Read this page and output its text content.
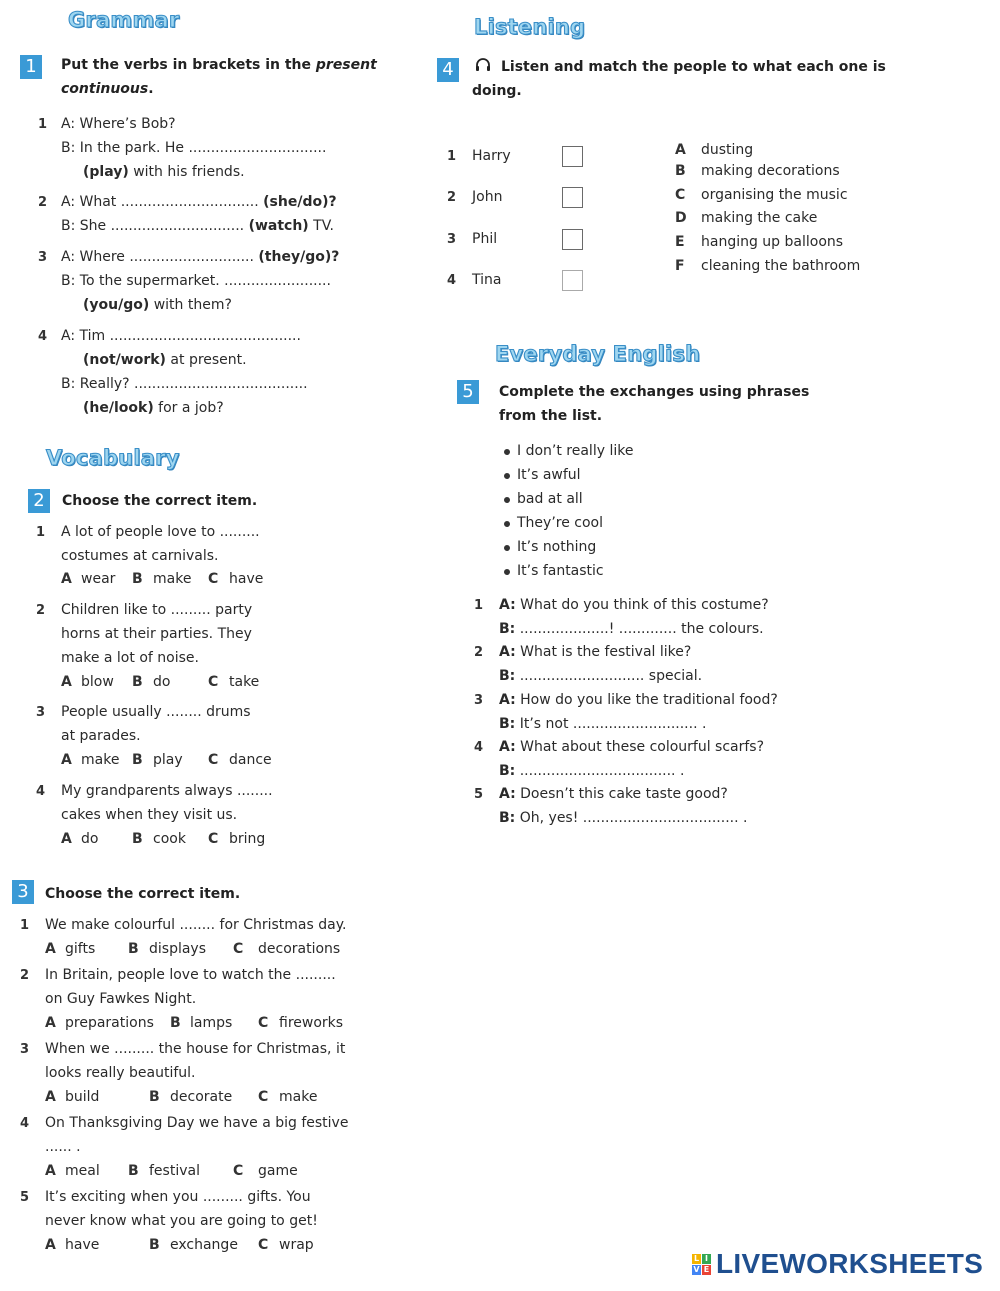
Grammar
1	Put the verbs in brackets in the present
continuous.
1 A: Where’s Bob?
B: In the park. He ...............................
(play) with his friends.
2 A: What ............................... (she/do)?
B: She .............................. (watch) TV.
3 A: Where ............................ (they/go)?
B: To the supermarket. ........................
(you/go) with them?
4 A: Tim ...........................................
(not/work) at present.
B: Really? .......................................
(he/look) for a job?
Vocabulary
2	Choose the correct item.
1 A lot of people love to .........
costumes at carnivals.
A wear B make C have
2 Children like to ......... party
horns at their parties. They
make a lot of noise.
A blow B do	C take
3 People usually ........ drums
at parades.
A make B play C dance
4 My grandparents always ........
cakes when they visit us.
A do B cook C bring
3	Choose the correct item.
1 We make colourful ........ for Christmas day.
A gifts B displays C decorations
2 In Britain, people love to watch the .........
on Guy Fawkes Night.
A preparations B lamps C fireworks
3 When we ......... the house for Christmas, it
looks really beautiful.
A build	B decorate C make
4 On Thanksgiving Day we have a big festive
...... .
A meal B festival C game
5 It’s exciting when you ......... gifts. You
never know what you are going to get!
A have	B exchange C wrap
Listening
4	Listen and match the people to what each one is
doing.
1 Harry
2 John
3 Phil
4 Tina
A dusting
B making decorations
C organising the music
D making the cake
E hanging up balloons
F cleaning the bathroom
Everyday English
5	Complete the exchanges using phrases
from the list.
I don’t really like
It’s awful
bad at all
They’re cool
It’s nothing
It’s fantastic
1 A: What do you think of this costume?
B: ....................! ............. the colours.
2 A: What is the festival like?
B: ............................ special.
3 A: How do you like the traditional food?
B: It’s not ............................ .
4 A: What about these colourful scarfs?
B: ................................... .
5 A: Doesn’t this cake taste good?
B: Oh, yes! ................................... .
L I
V E LIVEWORKSHEETS
